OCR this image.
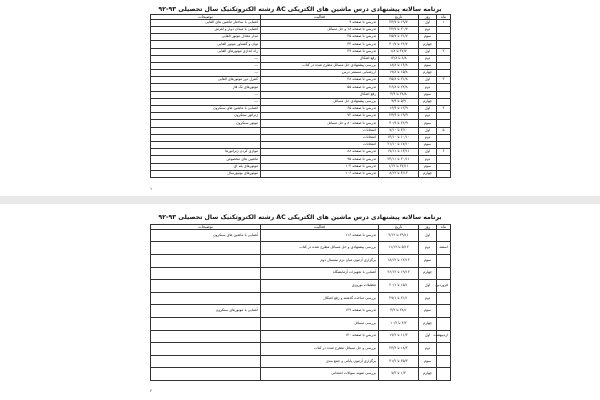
برنامه سالانه پیشنهادی درس ماشین های الکتریکی AC رشته الکتروتکنیک سال تحصیلی ۹۳-۹۲
ماه	روز	تاریخ	فعالیت	توضیحات
۱	اول	۱۹/۷ تا ۲۳/۷	تدریس تا صفحه ۹	آشنایی با ساختار ماشین های القایی
	دوم	۲۰/۷ تا ۲۴/۷	تدریس تا صفحه ۱۸ و حل مسائل	آشنایی با میدان دوار و لغزش
	سوم	۲۱/۷ تا ۲۵/۷	تدریس تا صفحه ۲۵	مدار معادل موتور القایی
	چهارم	۲۶/۷ تا ۳۰/۷	تدریس تا صفحه ۳۳	توان و گشتاور موتور القایی
۲	اول	۲۷/۷ تا ۱/۸	تدریس تا صفحه ۳۹	راه اندازی موتورهای القایی
	دوم	۸/۸ تا ۱۲/۸	رفع اشکال	—
	سوم	۱۴/۸ تا ۱۸/۸	بررسی پیشنهادی حل مسائل مطرح شده در کتاب	—
	چهارم	۱۵/۸ تا ۱۹/۸	ارزشیابی مستمر درس	—
۳	اول	۲۱/۸ تا ۲۵/۸	تدریس تا صفحه ۴۸	کنترل دور موتورهای القایی
	دوم	۲۲/۸ تا ۲۶/۸	تدریس تا صفحه ۵۵	موتورهای تک فاز
	سوم	۲۸/۸ تا ۳/۹	رفع اشکال	—
	چهارم	۵/۹ تا ۹/۹	بررسی پیشنهادی حل مسائل	—
۴	اول	۱۲/۹ تا ۱۶/۹	تدریس تا صفحه ۶۵	آشنایی با ماشین های سنکرون
	دوم	۱۹/۹ تا ۲۳/۹	تدریس تا صفحه ۷۲	ژنراتور سنکرون
	سوم	۲۶/۹ تا ۳۰/۹	تدریس تا صفحه ۸۰ و حل مسائل	موتور سنکرون
۵	اول	۳/۱۰ تا ۷/۱۰	امتحانات	
	دوم	۱۰/۱۰ تا ۱۴/۱۰	امتحانات	
	سوم	۱۷/۱۰ تا ۲۱/۱۰	امتحانات	
۶	اول	۱۳/۱۱ تا ۱۷/۱۱	تدریس تا صفحه ۸۸	موازی کردن ژنراتورها
	دوم	۲۰/۱۱ تا ۲۴/۱۱	تدریس تا صفحه ۹۵	ماشین های مخصوص
	سوم	۲۷/۱۱ تا ۱/۱۲	تدریس تا صفحه ۱۰۲	موتورهای پله ای
	چهارم	۴/۱۲ تا ۸/۱۲	تدریس تا صفحه ۱۰۶	موتورهای یونیورسال
۱
برنامه سالانه پیشنهادی درس ماشین های الکتریکی AC رشته الکتروتکنیک سال تحصیلی ۹۳-۹۲
ماه	روز	تاریخ	فعالیت	توضیحات
	اول	۲۹/۱۱ تا ۴/۱۲	تدریس تا صفحه ۱۱۶	آشنایی با ماشین های سنکرون
اسفند	دوم	۵/۱۲ تا ۱۱/۱۲	بررسی پیشنهادی و حل مسائل مطرح شده در کتاب	
	سوم	۱۲/۱۲ تا ۱۸/۱۲	برگزاری آزمون میان ترم نیمسال دوم	
	چهارم	۱۹/۱۲ تا ۲۶/۱۲	آشنایی با تجهیزات آزمایشگاه	
فروردین	اول	۱۵/۱ تا ۲۰/۱	تعطیلات نوروزی	
	دوم	۲۱/۱ تا ۲۷/۱	بررسی مباحث گذشته و رفع اشکال	
	سوم	۲۸/۱ تا ۳/۲	تدریس تا صفحه ۱۲۹	آشنایی با موتورهای سنکرون
	چهارم	۴/۲ تا ۱۰/۲	بررسی مسائل	
اردیبهشت	اول	۱۱/۲ تا ۱۷/۲	تدریس تا صفحه ۱۴۰	
	دوم	۱۸/۲ تا ۲۴/۲	بررسی و حل مسائل مطرح شده در کتاب	
	سوم	۲۵/۲ تا ۳۱/۲	برگزاری آزمون پایانی و جمع بندی	
	چهارم	۱/۳ تا ۷/۳	بررسی نمونه سوالات امتحانی	
۲
